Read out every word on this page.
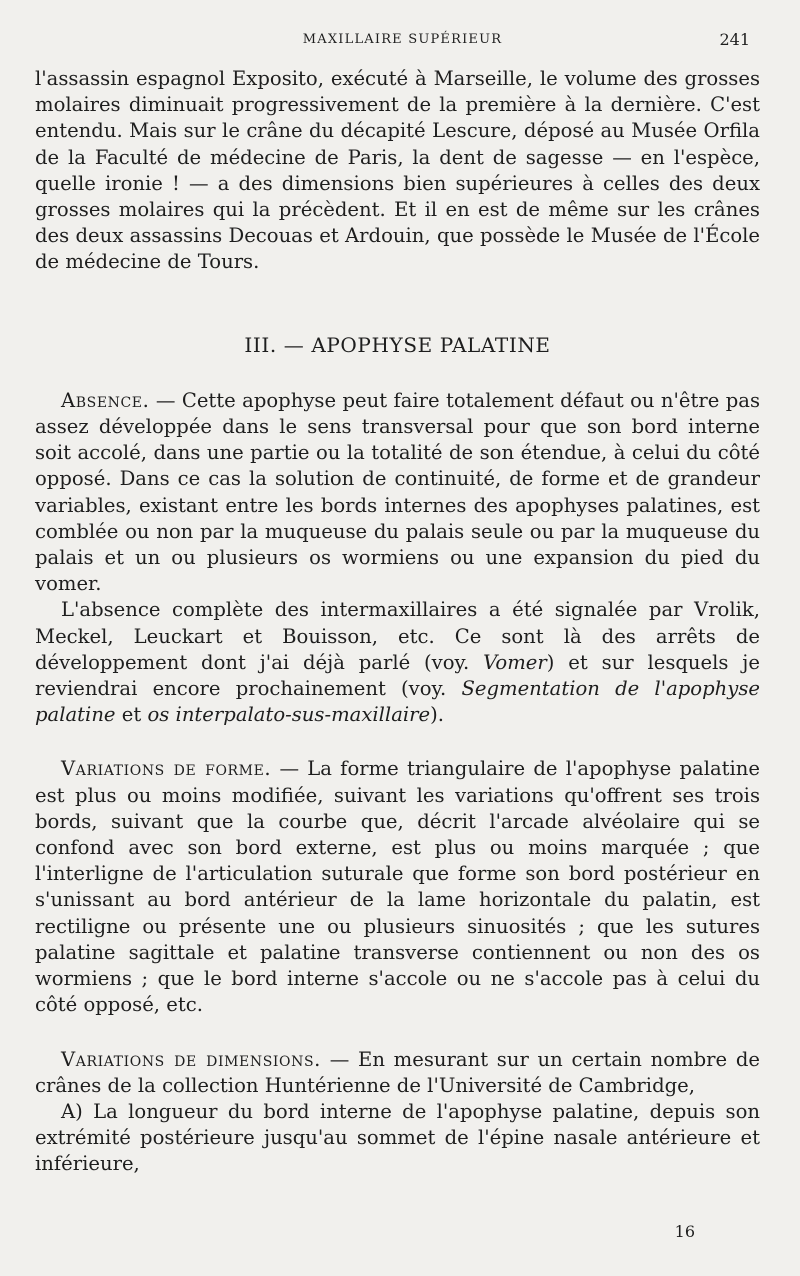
MAXILLAIRE SUPÉRIEUR	241

l'assassin espagnol Exposito, exécuté à Marseille, le volume des grosses molaires diminuait progressivement de la première à la dernière. C'est entendu. Mais sur le crâne du décapité Lescure, déposé au Musée Orfila de la Faculté de médecine de Paris, la dent de sagesse — en l'espèce, quelle ironie ! — a des dimensions bien supérieures à celles des deux grosses molaires qui la précèdent. Et il en est de même sur les crânes des deux assassins Decouas et Ardouin, que possède le Musée de l'École de médecine de Tours.

III. — APOPHYSE PALATINE

Absence. — Cette apophyse peut faire totalement défaut ou n'être pas assez développée dans le sens transversal pour que son bord interne soit accolé, dans une partie ou la totalité de son étendue, à celui du côté opposé. Dans ce cas la solution de continuité, de forme et de grandeur variables, existant entre les bords internes des apophyses palatines, est comblée ou non par la muqueuse du palais seule ou par la muqueuse du palais et un ou plusieurs os wormiens ou une expansion du pied du vomer.

L'absence complète des intermaxillaires a été signalée par Vrolik, Meckel, Leuckart et Bouisson, etc. Ce sont là des arrêts de développement dont j'ai déjà parlé (voy. Vomer) et sur lesquels je reviendrai encore prochainement (voy. Segmentation de l'apophyse palatine et os interpalato-sus-maxillaire).

Variations de forme. — La forme triangulaire de l'apophyse palatine est plus ou moins modifiée, suivant les variations qu'offrent ses trois bords, suivant que la courbe que, décrit l'arcade alvéolaire qui se confond avec son bord externe, est plus ou moins marquée ; que l'interligne de l'articulation suturale que forme son bord postérieur en s'unissant au bord antérieur de la lame horizontale du palatin, est rectiligne ou présente une ou plusieurs sinuosités ; que les sutures palatine sagittale et palatine transverse contiennent ou non des os wormiens ; que le bord interne s'accole ou ne s'accole pas à celui du côté opposé, etc.

Variations de dimensions. — En mesurant sur un certain nombre de crânes de la collection Huntérienne de l'Université de Cambridge,

A) La longueur du bord interne de l'apophyse palatine, depuis son extrémité postérieure jusqu'au sommet de l'épine nasale antérieure et inférieure,

16
